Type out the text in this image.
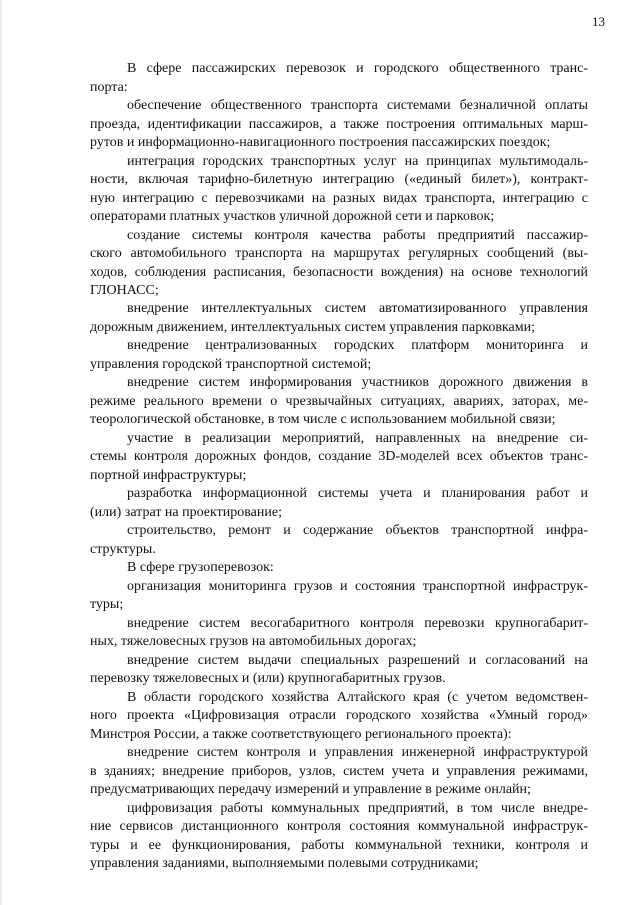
13
В сфере пассажирских перевозок и городского общественного транс-
порта:
обеспечение общественного транспорта системами безналичной оплаты
проезда, идентификации пассажиров, а также построения оптимальных марш-
рутов и информационно-навигационного построения пассажирских поездок;
интеграция городских транспортных услуг на принципах мультимодаль-
ности, включая тарифно-билетную интеграцию («единый билет»), контракт-
ную интеграцию с перевозчиками на разных видах транспорта, интеграцию с
операторами платных участков уличной дорожной сети и парковок;
создание системы контроля качества работы предприятий пассажир-
ского автомобильного транспорта на маршрутах регулярных сообщений (вы-
ходов, соблюдения расписания, безопасности вождения) на основе технологий
ГЛОНАСС;
внедрение интеллектуальных систем автоматизированного управления
дорожным движением, интеллектуальных систем управления парковками;
внедрение централизованных городских платформ мониторинга и
управления городской транспортной системой;
внедрение систем информирования участников дорожного движения в
режиме реального времени о чрезвычайных ситуациях, авариях, заторах, ме-
теорологической обстановке, в том числе с использованием мобильной связи;
участие в реализации мероприятий, направленных на внедрение си-
стемы контроля дорожных фондов, создание 3D-моделей всех объектов транс-
портной инфраструктуры;
разработка информационной системы учета и планирования работ и
(или) затрат на проектирование;
строительство, ремонт и содержание объектов транспортной инфра-
структуры.
В сфере грузоперевозок:
организация мониторинга грузов и состояния транспортной инфраструк-
туры;
внедрение систем весогабаритного контроля перевозки крупногабарит-
ных, тяжеловесных грузов на автомобильных дорогах;
внедрение систем выдачи специальных разрешений и согласований на
перевозку тяжеловесных и (или) крупногабаритных грузов.
В области городского хозяйства Алтайского края (с учетом ведомствен-
ного проекта «Цифровизация отрасли городского хозяйства «Умный город»
Минстроя России, а также соответствующего регионального проекта):
внедрение систем контроля и управления инженерной инфраструктурой
в зданиях; внедрение приборов, узлов, систем учета и управления режимами,
предусматривающих передачу измерений и управление в режиме онлайн;
цифровизация работы коммунальных предприятий, в том числе внедре-
ние сервисов дистанционного контроля состояния коммунальной инфраструк-
туры и ее функционирования, работы коммунальной техники, контроля и
управления заданиями, выполняемыми полевыми сотрудниками;
